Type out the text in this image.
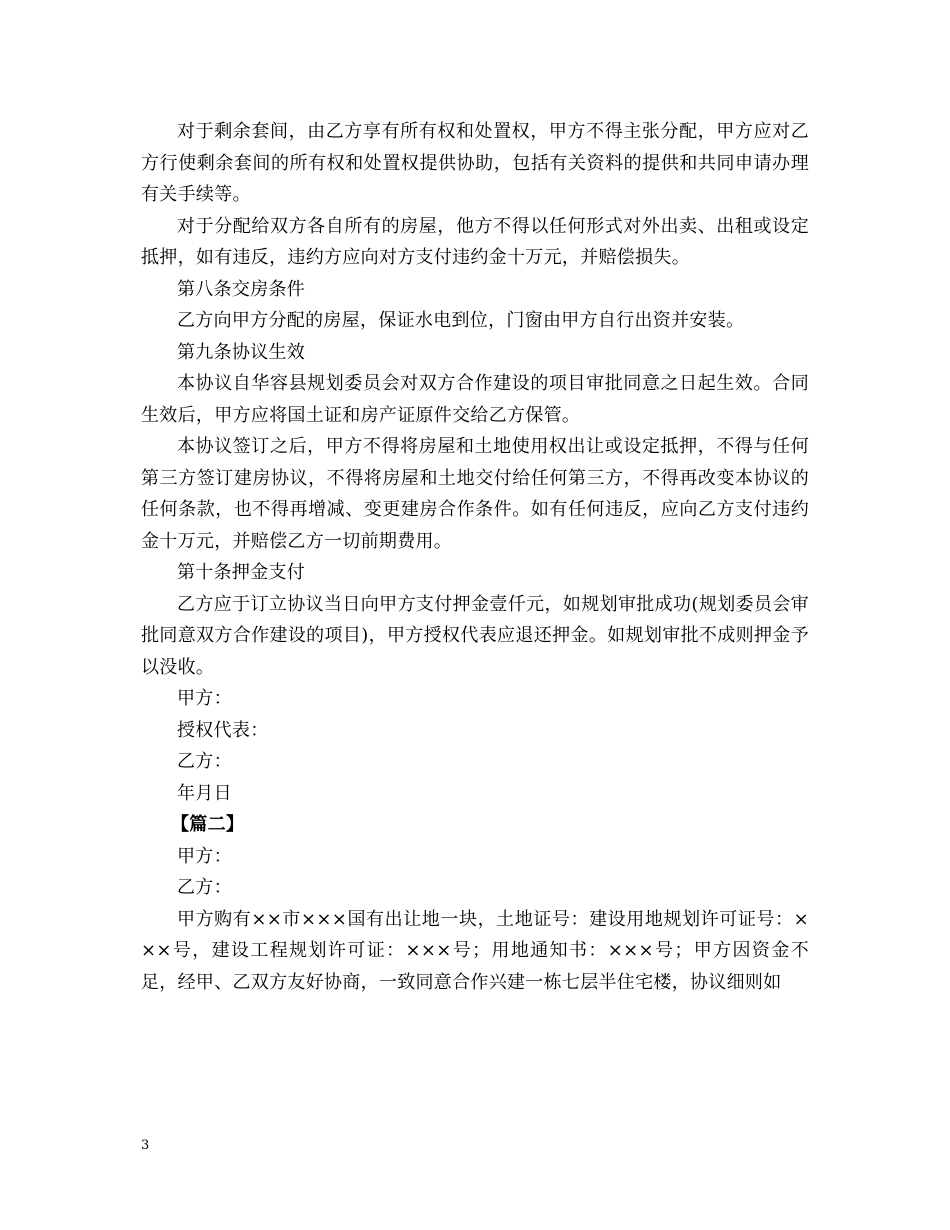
对于剩余套间，由乙方享有所有权和处置权，甲方不得主张分配，甲方应对乙方行使剩余套间的所有权和处置权提供协助，包括有关资料的提供和共同申请办理有关手续等。

对于分配给双方各自所有的房屋，他方不得以任何形式对外出卖、出租或设定抵押，如有违反，违约方应向对方支付违约金十万元，并赔偿损失。

第八条交房条件

乙方向甲方分配的房屋，保证水电到位，门窗由甲方自行出资并安装。

第九条协议生效

本协议自华容县规划委员会对双方合作建设的项目审批同意之日起生效。合同生效后，甲方应将国土证和房产证原件交给乙方保管。

本协议签订之后，甲方不得将房屋和土地使用权出让或设定抵押，不得与任何第三方签订建房协议，不得将房屋和土地交付给任何第三方，不得再改变本协议的任何条款，也不得再增减、变更建房合作条件。如有任何违反，应向乙方支付违约金十万元，并赔偿乙方一切前期费用。

第十条押金支付

乙方应于订立协议当日向甲方支付押金壹仟元，如规划审批成功(规划委员会审批同意双方合作建设的项目)，甲方授权代表应退还押金。如规划审批不成则押金予以没收。

甲方：

授权代表：

乙方：

年月日

【篇二】

甲方：

乙方：

甲方购有××市×××国有出让地一块，土地证号：建设用地规划许可证号：×××号，建设工程规划许可证：×××号；用地通知书：×××号；甲方因资金不足，经甲、乙双方友好协商，一致同意合作兴建一栋七层半住宅楼，协议细则如

3
